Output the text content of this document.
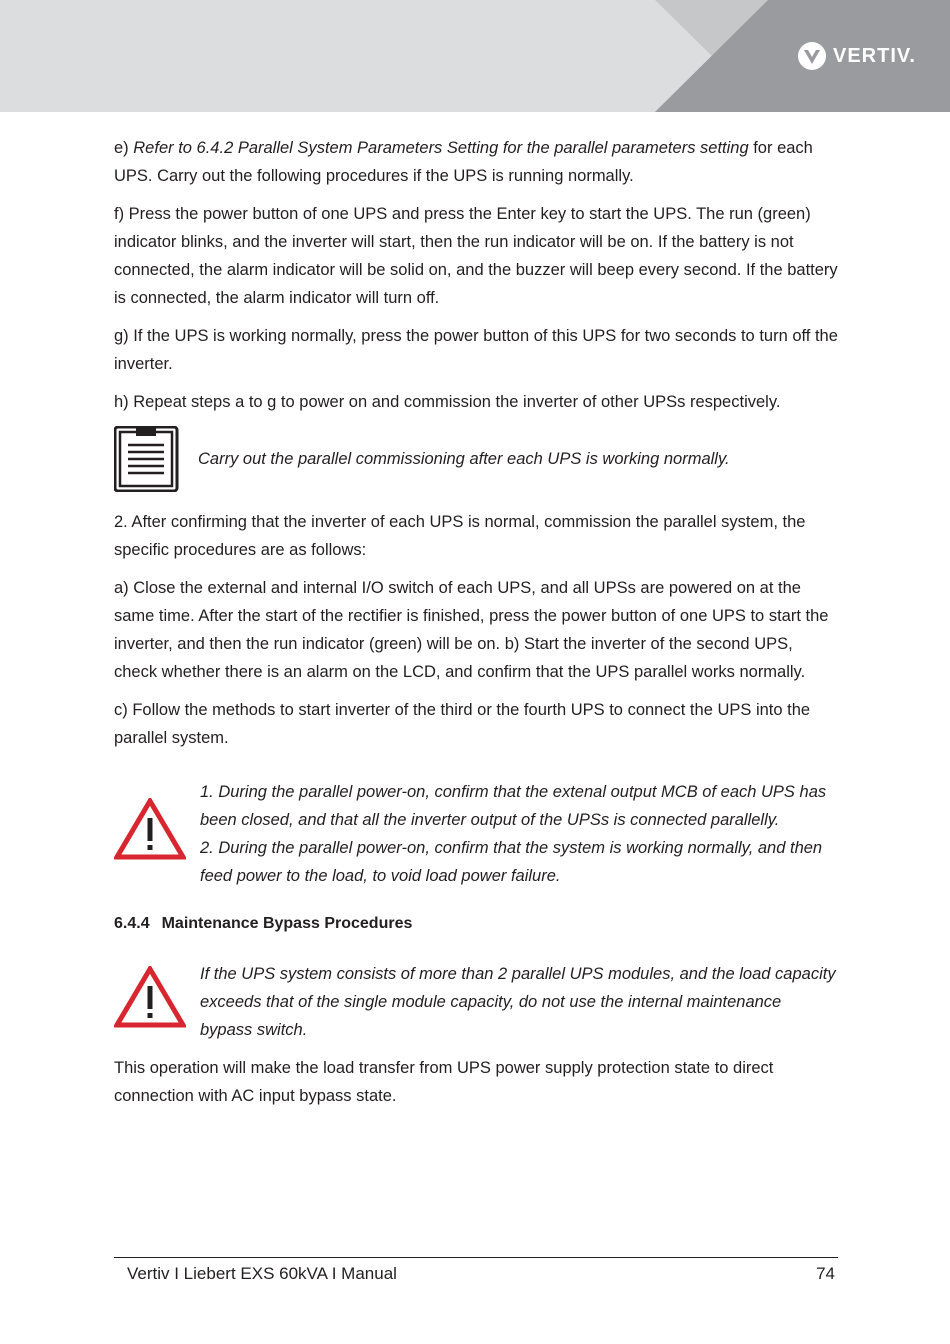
VERTIV.

e) Refer to 6.4.2 Parallel System Parameters Setting for the parallel parameters setting for each UPS. Carry out the following procedures if the UPS is running normally.

f) Press the power button of one UPS and press the Enter key to start the UPS. The run (green) indicator blinks, and the inverter will start, then the run indicator will be on. If the battery is not connected, the alarm indicator will be solid on, and the buzzer will beep every second. If the battery is connected, the alarm indicator will turn off.

g) If the UPS is working normally, press the power button of this UPS for two seconds to turn off the inverter.

h) Repeat steps a to g to power on and commission the inverter of other UPSs respectively.

Carry out the parallel commissioning after each UPS is working normally.

2. After confirming that the inverter of each UPS is normal, commission the parallel system, the specific procedures are as follows:

a) Close the external and internal I/O switch of each UPS, and all UPSs are powered on at the same time. After the start of the rectifier is finished, press the power button of one UPS to start the inverter, and then the run indicator (green) will be on. b) Start the inverter of the second UPS, check whether there is an alarm on the LCD, and confirm that the UPS parallel works normally.

c) Follow the methods to start inverter of the third or the fourth UPS to connect the UPS into the parallel system.

1. During the parallel power-on, confirm that the extenal output MCB of each UPS has been closed, and that all the inverter output of the UPSs is connected parallelly.
2. During the parallel power-on, confirm that the system is working normally, and then feed power to the load, to void load power failure.
6.4.4 Maintenance Bypass Procedures
If the UPS system consists of more than 2 parallel UPS modules, and the load capacity exceeds that of the single module capacity, do not use the internal maintenance bypass switch.

This operation will make the load transfer from UPS power supply protection state to direct connection with AC input bypass state.

Vertiv I Liebert EXS 60kVA I Manual	74
